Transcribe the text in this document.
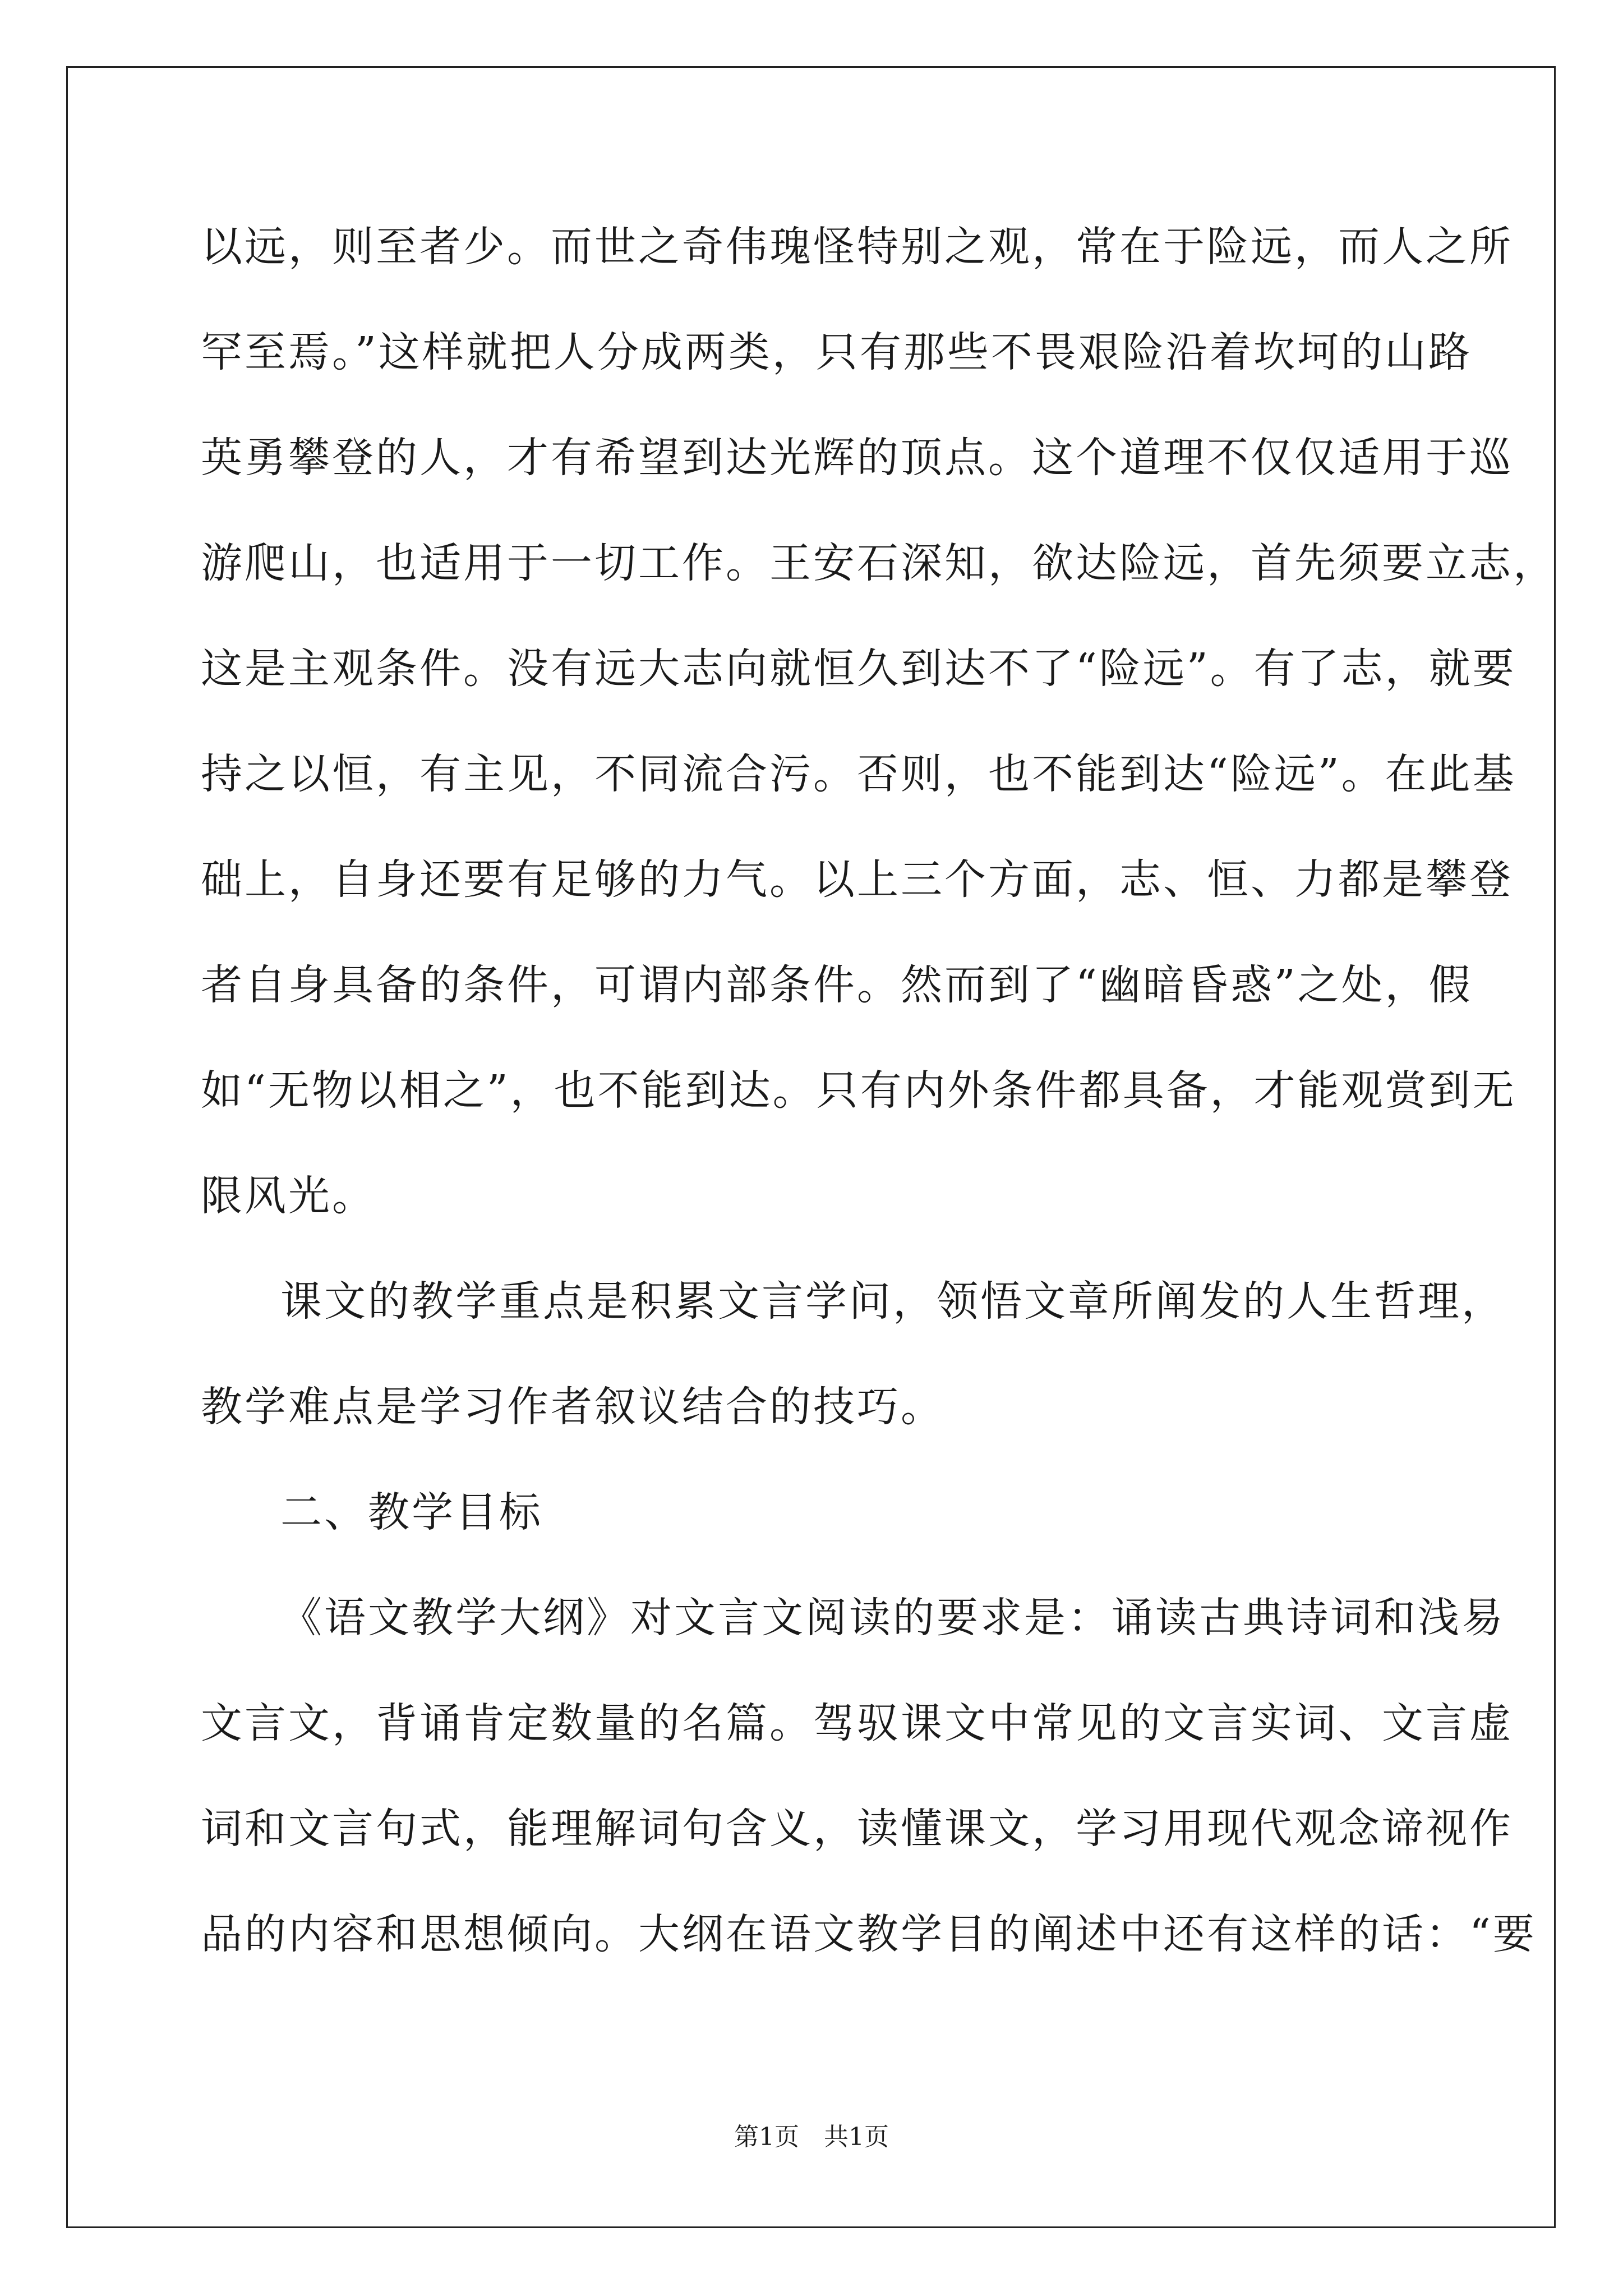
以远，则至者少。而世之奇伟瑰怪特别之观，常在于险远，而人之所
罕至焉。”这样就把人分成两类，只有那些不畏艰险沿着坎坷的山路
英勇攀登的人，才有希望到达光辉的顶点。这个道理不仅仅适用于巡
游爬山，也适用于一切工作。王安石深知，欲达险远，首先须要立志，
这是主观条件。没有远大志向就恒久到达不了“险远”。有了志，就要
持之以恒，有主见，不同流合污。否则，也不能到达“险远”。在此基
础上，自身还要有足够的力气。以上三个方面，志、恒、力都是攀登
者自身具备的条件，可谓内部条件。然而到了“幽暗昏惑”之处，假
如“无物以相之”，也不能到达。只有内外条件都具备，才能观赏到无
限风光。
课文的教学重点是积累文言学问，领悟文章所阐发的人生哲理，
教学难点是学习作者叙议结合的技巧。
二、教学目标
《语文教学大纲》对文言文阅读的要求是：诵读古典诗词和浅易
文言文，背诵肯定数量的名篇。驾驭课文中常见的文言实词、文言虚
词和文言句式，能理解词句含义，读懂课文，学习用现代观念谛视作
品的内容和思想倾向。大纲在语文教学目的阐述中还有这样的话：“要
第1页　共1页
